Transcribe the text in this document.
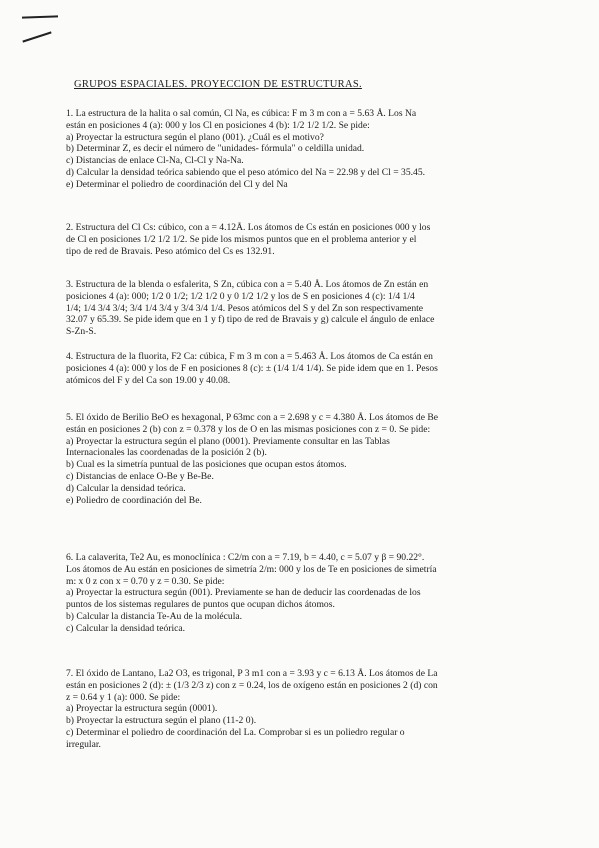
GRUPOS ESPACIALES. PROYECCION DE ESTRUCTURAS.

1. La estructura de la halita o sal común, Cl Na, es cúbica: F m 3 m con a = 5.63 Å. Los Na

están en posiciones 4 (a): 000 y los Cl en posiciones 4 (b): 1/2 1/2 1/2. Se pide:

a) Proyectar la estructura según el plano (001). ¿Cuál es el motivo?

b) Determinar Z, es decir el número de "unidades- fórmula" o celdilla unidad.

c) Distancias de enlace Cl-Na, Cl-Cl y Na-Na.

d) Calcular la densidad teórica sabiendo que el peso atómico del Na = 22.98 y del Cl = 35.45.

e) Determinar el poliedro de coordinación del Cl y del Na

2. Estructura del Cl Cs: cúbico, con a = 4.12Å. Los átomos de Cs están en posiciones 000 y los

de Cl en posiciones 1/2 1/2 1/2. Se pide los mismos puntos que en el problema anterior y el

tipo de red de Bravais. Peso atómico del Cs es 132.91.

3. Estructura de la blenda o esfalerita, S Zn, cúbica con a = 5.40 Å. Los átomos de Zn están en

posiciones 4 (a): 000; 1/2 0 1/2; 1/2 1/2 0 y 0 1/2 1/2 y los de S en posiciones 4 (c): 1/4 1/4

1/4; 1/4 3/4 3/4; 3/4 1/4 3/4 y 3/4 3/4 1/4. Pesos atómicos del S y del Zn son respectivamente

32.07 y 65.39. Se pide idem que en 1 y f) tipo de red de Bravais y g) calcule el ángulo de enlace

S-Zn-S.

4. Estructura de la fluorita, F2 Ca: cúbica, F m 3 m con a = 5.463 Å. Los átomos de Ca están en

posiciones 4 (a): 000 y los de F en posiciones 8 (c): ± (1/4 1/4 1/4). Se pide idem que en 1. Pesos

atómicos del F y del Ca son 19.00 y 40.08.

5. El óxido de Berilio BeO es hexagonal, P 63mc con a = 2.698 y c = 4.380 Å. Los átomos de Be

están en posiciones 2 (b) con z = 0.378 y los de O en las mismas posiciones con z = 0. Se pide:

a) Proyectar la estructura según el plano (0001). Previamente consultar en las Tablas

Internacionales las coordenadas de la posición 2 (b).

b) Cual es la simetría puntual de las posiciones que ocupan estos átomos.

c) Distancias de enlace O-Be y Be-Be.

d) Calcular la densidad teórica.

e) Poliedro de coordinación del Be.

6. La calaverita, Te2 Au, es monoclínica : C2/m con a = 7.19, b = 4.40, c = 5.07 y β = 90.22°.

Los átomos de Au están en posiciones de simetría 2/m: 000 y los de Te en posiciones de simetría

m: x 0 z con x = 0.70 y z = 0.30. Se pide:

a) Proyectar la estructura según (001). Previamente se han de deducir las coordenadas de los

puntos de los sistemas regulares de puntos que ocupan dichos átomos.

b) Calcular la distancia Te-Au de la molécula.

c) Calcular la densidad teórica.

7. El óxido de Lantano, La2 O3, es trigonal, P 3 m1 con a = 3.93 y c = 6.13 Å. Los átomos de La

están en posiciones 2 (d): ± (1/3 2/3 z) con z = 0.24, los de oxígeno están en posiciones 2 (d) con

z = 0.64 y 1 (a): 000. Se pide:

a) Proyectar la estructura según (0001).

b) Proyectar la estructura según el plano (11-2 0).

c) Determinar el poliedro de coordinación del La. Comprobar si es un poliedro regular o

irregular.
